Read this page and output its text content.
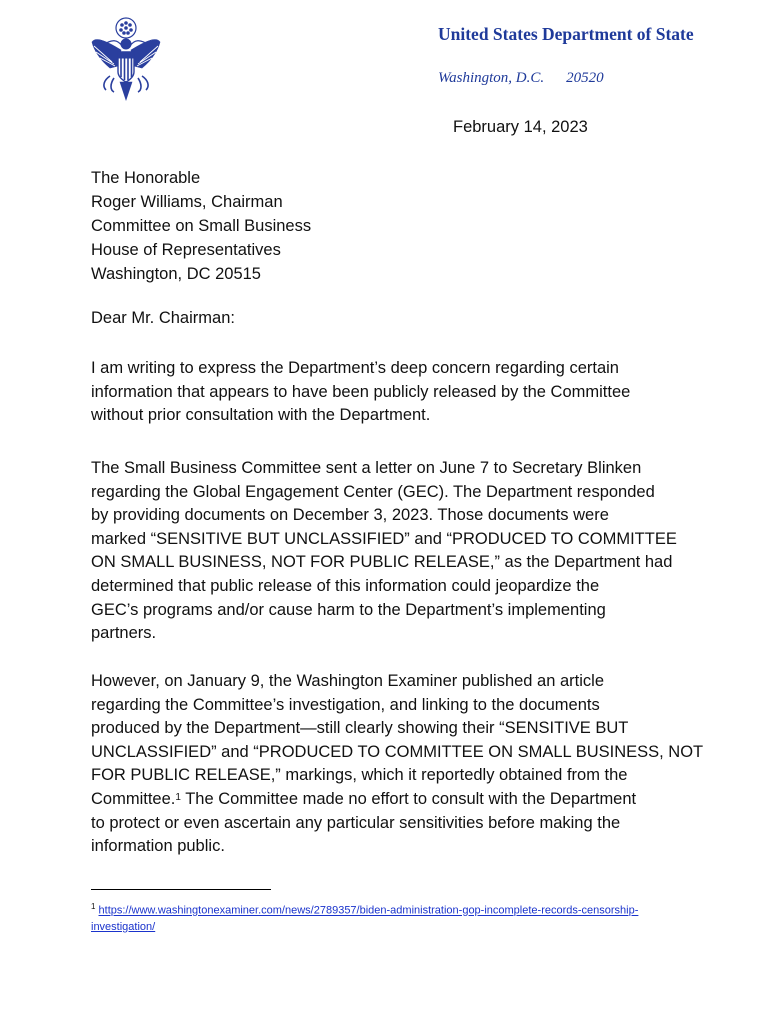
United States Department of State
Washington, D.C. 20520
February 14, 2023
The Honorable
Roger Williams, Chairman
Committee on Small Business
House of Representatives
Washington, DC 20515
Dear Mr. Chairman:
I am writing to express the Department’s deep concern regarding certain
information that appears to have been publicly released by the Committee
without prior consultation with the Department.
The Small Business Committee sent a letter on June 7 to Secretary Blinken
regarding the Global Engagement Center (GEC). The Department responded
by providing documents on December 3, 2023. Those documents were
marked “SENSITIVE BUT UNCLASSIFIED” and “PRODUCED TO COMMITTEE
ON SMALL BUSINESS, NOT FOR PUBLIC RELEASE,” as the Department had
determined that public release of this information could jeopardize the
GEC’s programs and/or cause harm to the Department’s implementing
partners.
However, on January 9, the Washington Examiner published an article
regarding the Committee’s investigation, and linking to the documents
produced by the Department—still clearly showing their “SENSITIVE BUT
UNCLASSIFIED” and “PRODUCED TO COMMITTEE ON SMALL BUSINESS, NOT
FOR PUBLIC RELEASE,” markings, which it reportedly obtained from the
Committee.$^1$ The Committee made no effort to consult with the Department
to protect or even ascertain any particular sensitivities before making the
information public.
$^1$ https://www.washingtonexaminer.com/news/2789357/biden-administration-gop-incomplete-records-censorship-
investigation/
